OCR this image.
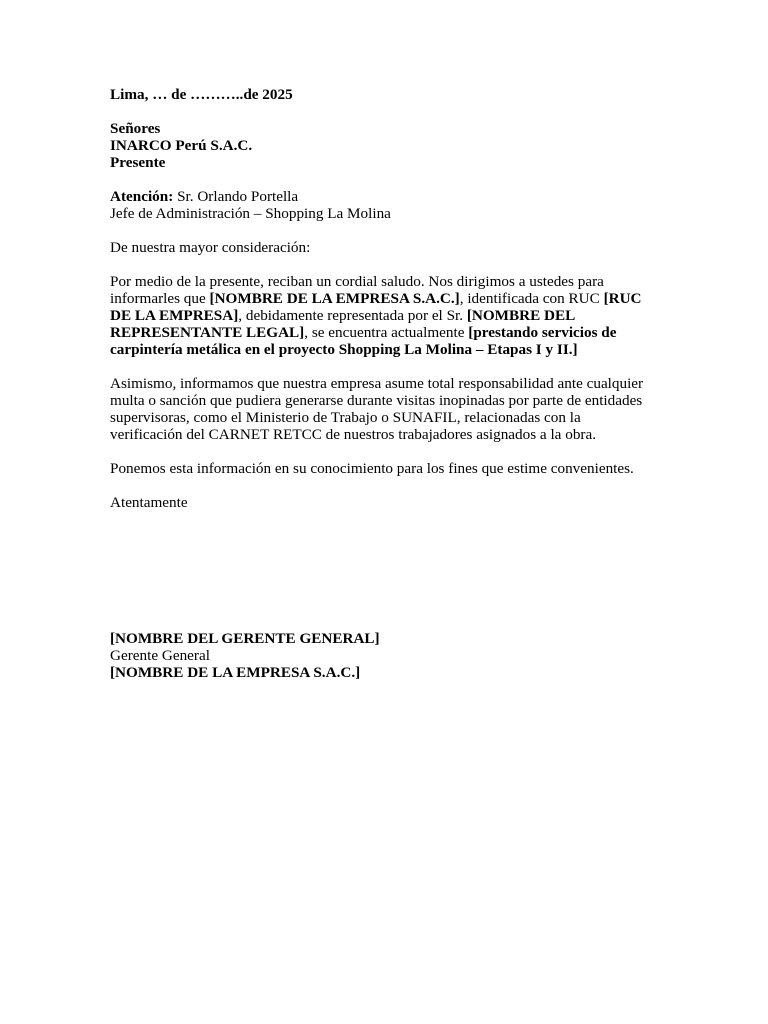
Lima, … de ………..de 2025
Señores
INARCO Perú S.A.C.
Presente
Atención: Sr. Orlando Portella
Jefe de Administración – Shopping La Molina
De nuestra mayor consideración:
Por medio de la presente, reciban un cordial saludo. Nos dirigimos a ustedes para
informarles que [NOMBRE DE LA EMPRESA S.A.C.], identificada con RUC [RUC
DE LA EMPRESA], debidamente representada por el Sr. [NOMBRE DEL
REPRESENTANTE LEGAL], se encuentra actualmente [prestando servicios de
carpintería metálica en el proyecto Shopping La Molina – Etapas I y II.]
Asimismo, informamos que nuestra empresa asume total responsabilidad ante cualquier
multa o sanción que pudiera generarse durante visitas inopinadas por parte de entidades
supervisoras, como el Ministerio de Trabajo o SUNAFIL, relacionadas con la
verificación del CARNET RETCC de nuestros trabajadores asignados a la obra.
Ponemos esta información en su conocimiento para los fines que estime convenientes.
Atentamente
[NOMBRE DEL GERENTE GENERAL]
Gerente General
[NOMBRE DE LA EMPRESA S.A.C.]
